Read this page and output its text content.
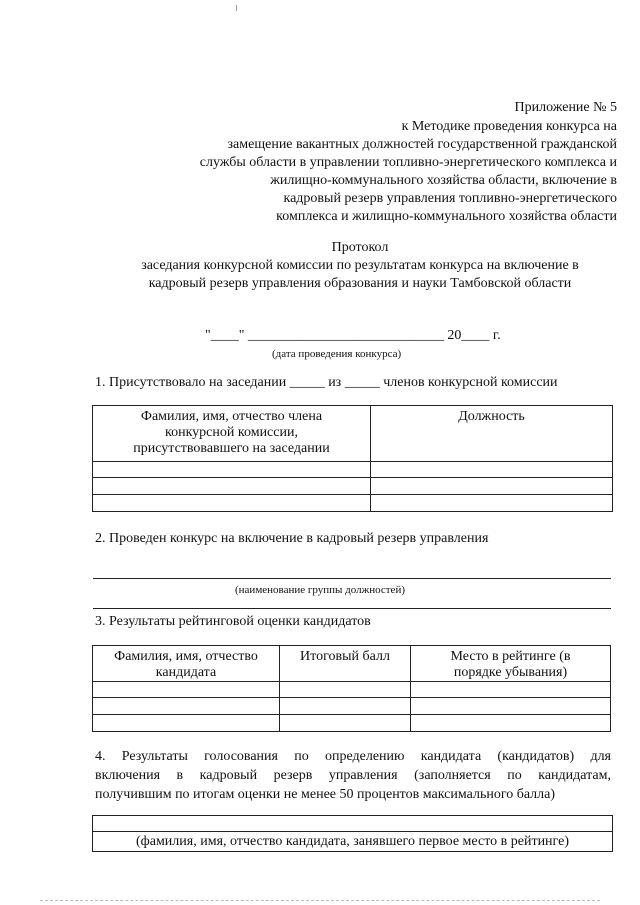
Приложение № 5
к Методике проведения конкурса на
замещение вакантных должностей государственной гражданской
службы области в управлении топливно-энергетического комплекса и
жилищно-коммунального хозяйства области, включение в
кадровый резерв управления топливно-энергетического
комплекса и жилищно-коммунального хозяйства области
Протокол
заседания конкурсной комиссии по результатам конкурса на включение в
кадровый резерв управления образования и науки Тамбовской области
"____" ____________________________ 20____ г.
(дата проведения конкурса)
1. Присутствовало на заседании _____ из _____ членов конкурсной комиссии
Фамилия, имя, отчество члена конкурсной комиссии, присутствовавшего на заседании	Должность

2. Проведен конкурс на включение в кадровый резерв управления
(наименование группы должностей)
3. Результаты рейтинговой оценки кандидатов
Фамилия, имя, отчество кандидата	Итоговый балл	Место в рейтинге (в порядке убывания)

4. Результаты голосования по определению кандидата (кандидатов) для
включения в кадровый резерв управления (заполняется по кандидатам,
получившим по итогам оценки не менее 50 процентов максимального балла)

(фамилия, имя, отчество кандидата, занявшего первое место в рейтинге)
